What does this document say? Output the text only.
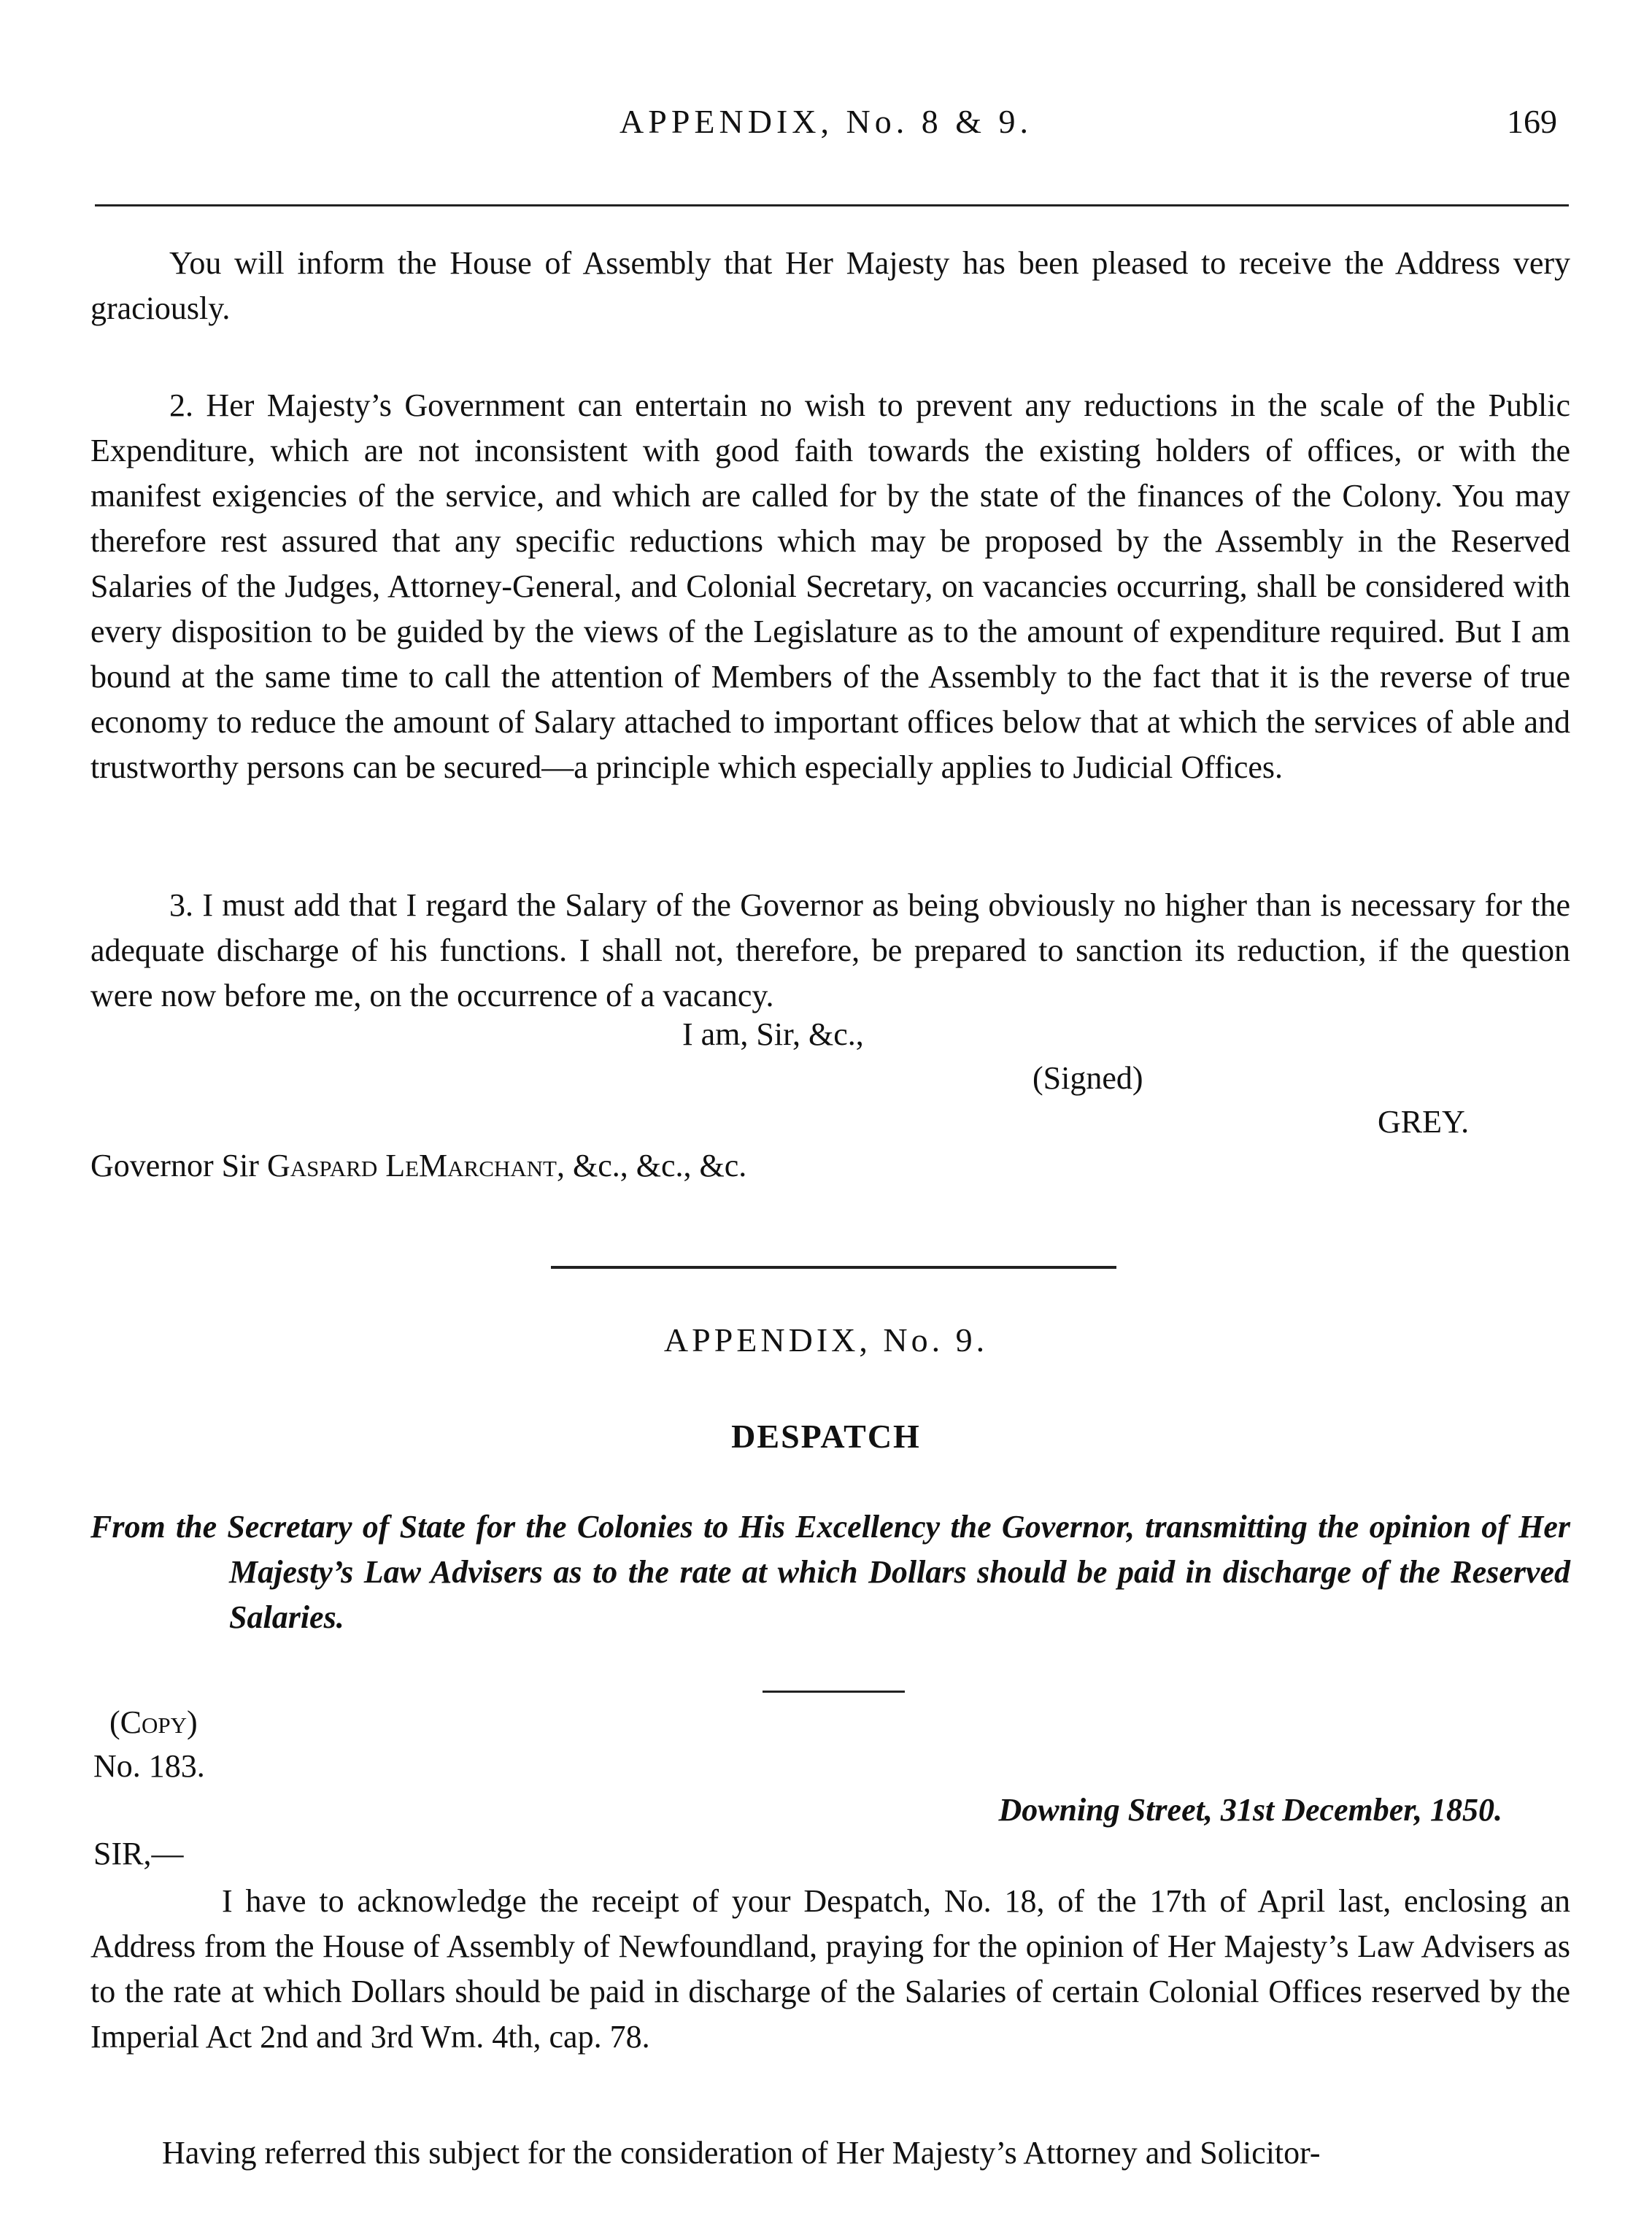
APPENDIX, No. 8 & 9.	169

You will inform the House of Assembly that Her Majesty has been pleased to receive the Address very graciously.

2. Her Majesty’s Government can entertain no wish to prevent any reductions in the scale of the Public Expenditure, which are not inconsistent with good faith towards the existing holders of offices, or with the manifest exigencies of the service, and which are called for by the state of the finances of the Colony. You may therefore rest assured that any specific reductions which may be proposed by the Assembly in the Reserved Salaries of the Judges, Attorney-General, and Colonial Secretary, on vacancies occurring, shall be considered with every disposition to be guided by the views of the Legislature as to the amount of expenditure required. But I am bound at the same time to call the attention of Members of the Assembly to the fact that it is the reverse of true economy to reduce the amount of Salary attached to important offices below that at which the services of able and trustworthy persons can be secured—a principle which especially applies to Judicial Offices.

3. I must add that I regard the Salary of the Governor as being obviously no higher than is necessary for the adequate discharge of his functions. I shall not, therefore, be prepared to sanction its reduction, if the question were now before me, on the occurrence of a vacancy.

I am, Sir, &c.,
(Signed)
GREY.
Governor Sir Gaspard LeMarchant, &c., &c., &c.
APPENDIX, No. 9.
DESPATCH

From the Secretary of State for the Colonies to His Excellency the Governor, transmitting the opinion of Her Majesty’s Law Advisers as to the rate at which Dollars should be paid in discharge of the Reserved Salaries.

(Copy)
No. 183.
Downing Street, 31st December, 1850.
SIR,—

I have to acknowledge the receipt of your Despatch, No. 18, of the 17th of April last, enclosing an Address from the House of Assembly of Newfoundland, praying for the opinion of Her Majesty’s Law Advisers as to the rate at which Dollars should be paid in discharge of the Salaries of certain Colonial Offices reserved by the Imperial Act 2nd and 3rd Wm. 4th, cap. 78.

Having referred this subject for the consideration of Her Majesty’s Attorney and Solicitor-
